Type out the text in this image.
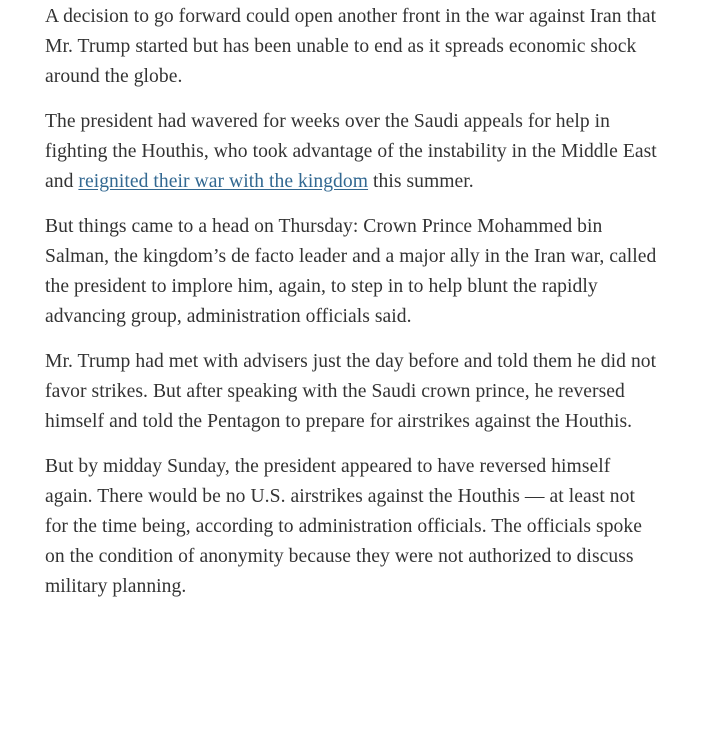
A decision to go forward could open another front in the war against Iran that Mr. Trump started but has been unable to end as it spreads economic shock around the globe.

The president had wavered for weeks over the Saudi appeals for help in fighting the Houthis, who took advantage of the instability in the Middle East and reignited their war with the kingdom this summer.

But things came to a head on Thursday: Crown Prince Mohammed bin Salman, the kingdom’s de facto leader and a major ally in the Iran war, called the president to implore him, again, to step in to help blunt the rapidly advancing group, administration officials said.

Mr. Trump had met with advisers just the day before and told them he did not favor strikes. But after speaking with the Saudi crown prince, he reversed himself and told the Pentagon to prepare for airstrikes against the Houthis.

But by midday Sunday, the president appeared to have reversed himself again. There would be no U.S. airstrikes against the Houthis — at least not for the time being, according to administration officials. The officials spoke on the condition of anonymity because they were not authorized to discuss military planning.
